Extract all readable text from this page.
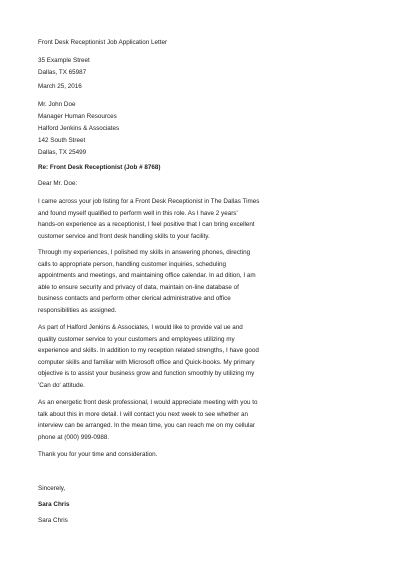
Front Desk Receptionist Job Application Letter
35 Example Street
Dallas, TX 65987
March 25, 2016
Mr. John Doe
Manager Human Resources
Halford Jenkins & Associates
142 South Street
Dallas, TX 25499
Re: Front Desk Receptionist (Job # 8768)
Dear Mr. Doe:
I came across your job listing for a Front Desk Receptionist in The Dallas Times
and found myself qualified to perform well in this role. As I have 2 years'
hands-on experience as a receptionist, I feel positive that I can bring excellent
customer service and front desk handling skills to your facility.
Through my experiences, I polished my skills in answering phones, directing
calls to appropriate person, handling customer inquiries, scheduling
appointments and meetings, and maintaining office calendar. In ad dition, I am
able to ensure security and privacy of data, maintain on-line database of
business contacts and perform other clerical administrative and office
responsibilities as assigned.
As part of Halford Jenkins & Associates, I would like to provide val ue and
quality customer service to your customers and employees utilizing my
experience and skills. In addition to my reception related strengths, I have good
computer skills and familiar with Microsoft office and Quick-books. My primary
objective is to assist your business grow and function smoothly by utilizing my
'Can do' attitude.
As an energetic front desk professional, I would appreciate meeting with you to
talk about this in more detail. I will contact you next week to see whether an
interview can be arranged. In the mean time, you can reach me on my cellular
phone at (000) 999-0988.
Thank you for your time and consideration.
Sincerely,
Sara Chris
Sara Chris
